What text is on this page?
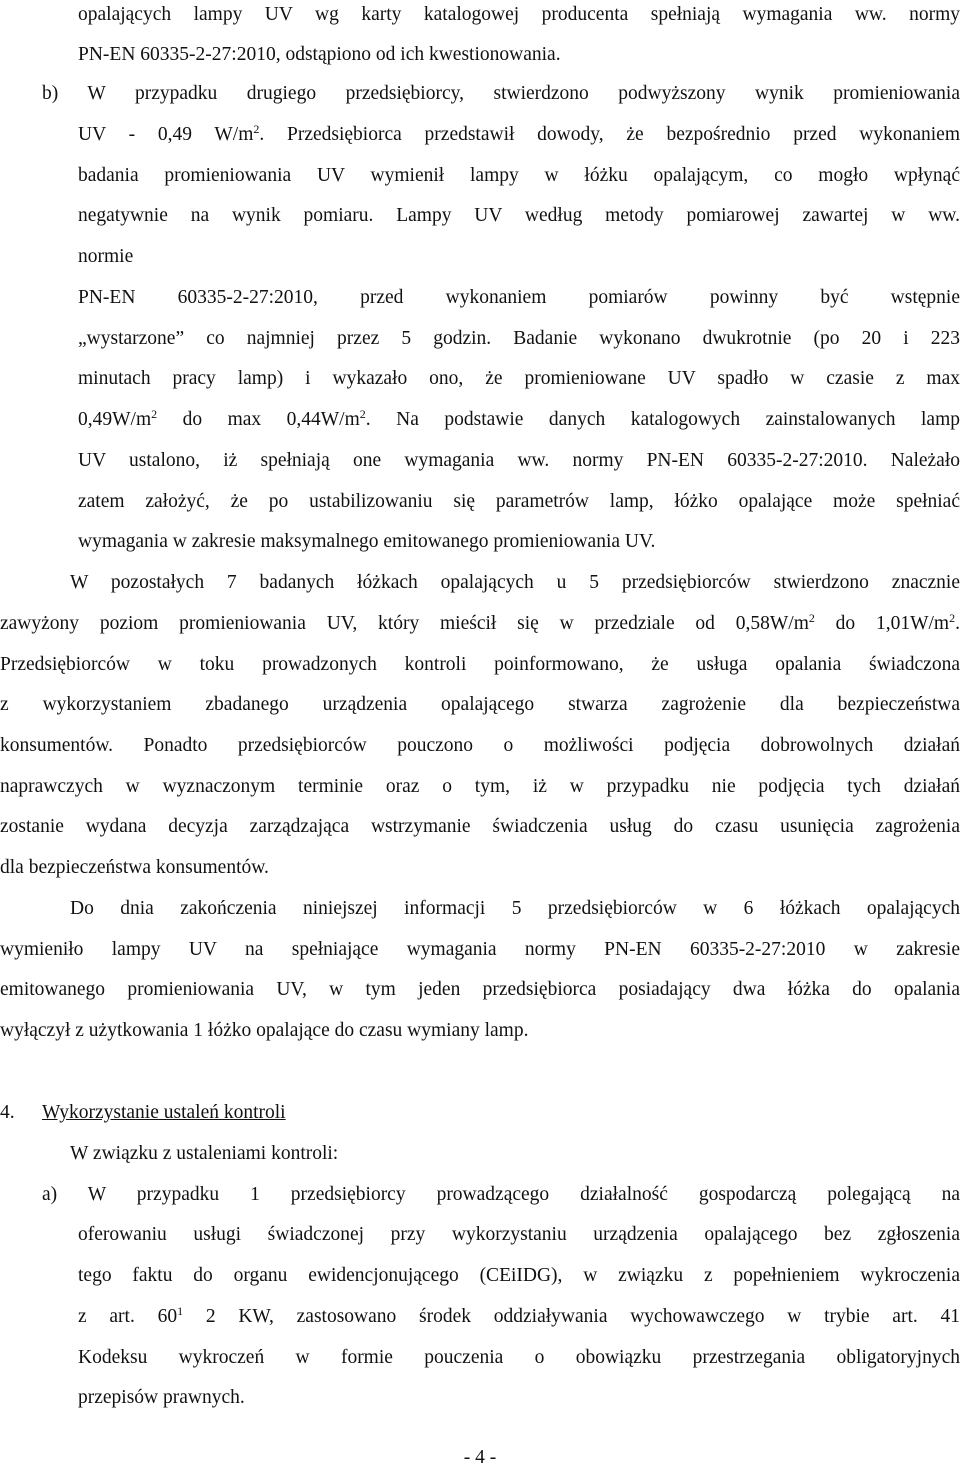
opalających lampy UV wg karty katalogowej producenta spełniają wymagania ww. normy
PN-EN 60335-2-27:2010, odstąpiono od ich kwestionowania.
b) W przypadku drugiego przedsiębiorcy, stwierdzono podwyższony wynik promieniowania
UV - 0,49 $W/m^2$. Przedsiębiorca przedstawił dowody, że bezpośrednio przed wykonaniem
badania promieniowania UV wymienił lampy w łóżku opalającym, co mogło wpłynąć
negatywnie na wynik pomiaru. Lampy UV według metody pomiarowej zawartej w ww.
normie
PN-EN 60335-2-27:2010, przed wykonaniem pomiarów powinny być wstępnie
„wystarzone” co najmniej przez 5 godzin. Badanie wykonano dwukrotnie (po 20 i 223
minutach pracy lamp) i wykazało ono, że promieniowane UV spadło w czasie z max
$0,49W/m^2$ do $\max 0,44W/m^2$. Na podstawie danych katalogowych zainstalowanych lamp
UV ustalono, iż spełniają one wymagania ww. normy PN-EN 60335-2-27:2010. Należało
zatem założyć, że po ustabilizowaniu się parametrów lamp, łóżko opalające może spełniać
wymagania w zakresie maksymalnego emitowanego promieniowania UV.
W pozostałych 7 badanych łóżkach opalających u 5 przedsiębiorców stwierdzono znacznie
zawyżony poziom promieniowania UV, który mieścił się w przedziale od $0,58W/m^2$ do $1,01W/m^2$.
Przedsiębiorców w toku prowadzonych kontroli poinformowano, że usługa opalania świadczona
z wykorzystaniem zbadanego urządzenia opalającego stwarza zagrożenie dla bezpieczeństwa
konsumentów. Ponadto przedsiębiorców pouczono o możliwości podjęcia dobrowolnych działań
naprawczych w wyznaczonym terminie oraz o tym, iż w przypadku nie podjęcia tych działań
zostanie wydana decyzja zarządzająca wstrzymanie świadczenia usług do czasu usunięcia zagrożenia
dla bezpieczeństwa konsumentów.
Do dnia zakończenia niniejszej informacji 5 przedsiębiorców w 6 łóżkach opalających
wymieniło lampy UV na spełniające wymagania normy PN-EN 60335-2-27:2010 w zakresie
emitowanego promieniowania UV, w tym jeden przedsiębiorca posiadający dwa łóżka do opalania
wyłączył z użytkowania 1 łóżko opalające do czasu wymiany lamp.
4.	Wykorzystanie ustaleń kontroli
W związku z ustaleniami kontroli:
a) W przypadku 1 przedsiębiorcy prowadzącego działalność gospodarczą polegającą na
oferowaniu usługi świadczonej przy wykorzystaniu urządzenia opalającego bez zgłoszenia
tego faktu do organu ewidencjonującego (CEiIDG), w związku z popełnieniem wykroczenia
z art. $60^1$ 2 KW, zastosowano środek oddziaływania wychowawczego w trybie art. 41
Kodeksu wykroczeń w formie pouczenia o obowiązku przestrzegania obligatoryjnych
przepisów prawnych.
- 4 -
